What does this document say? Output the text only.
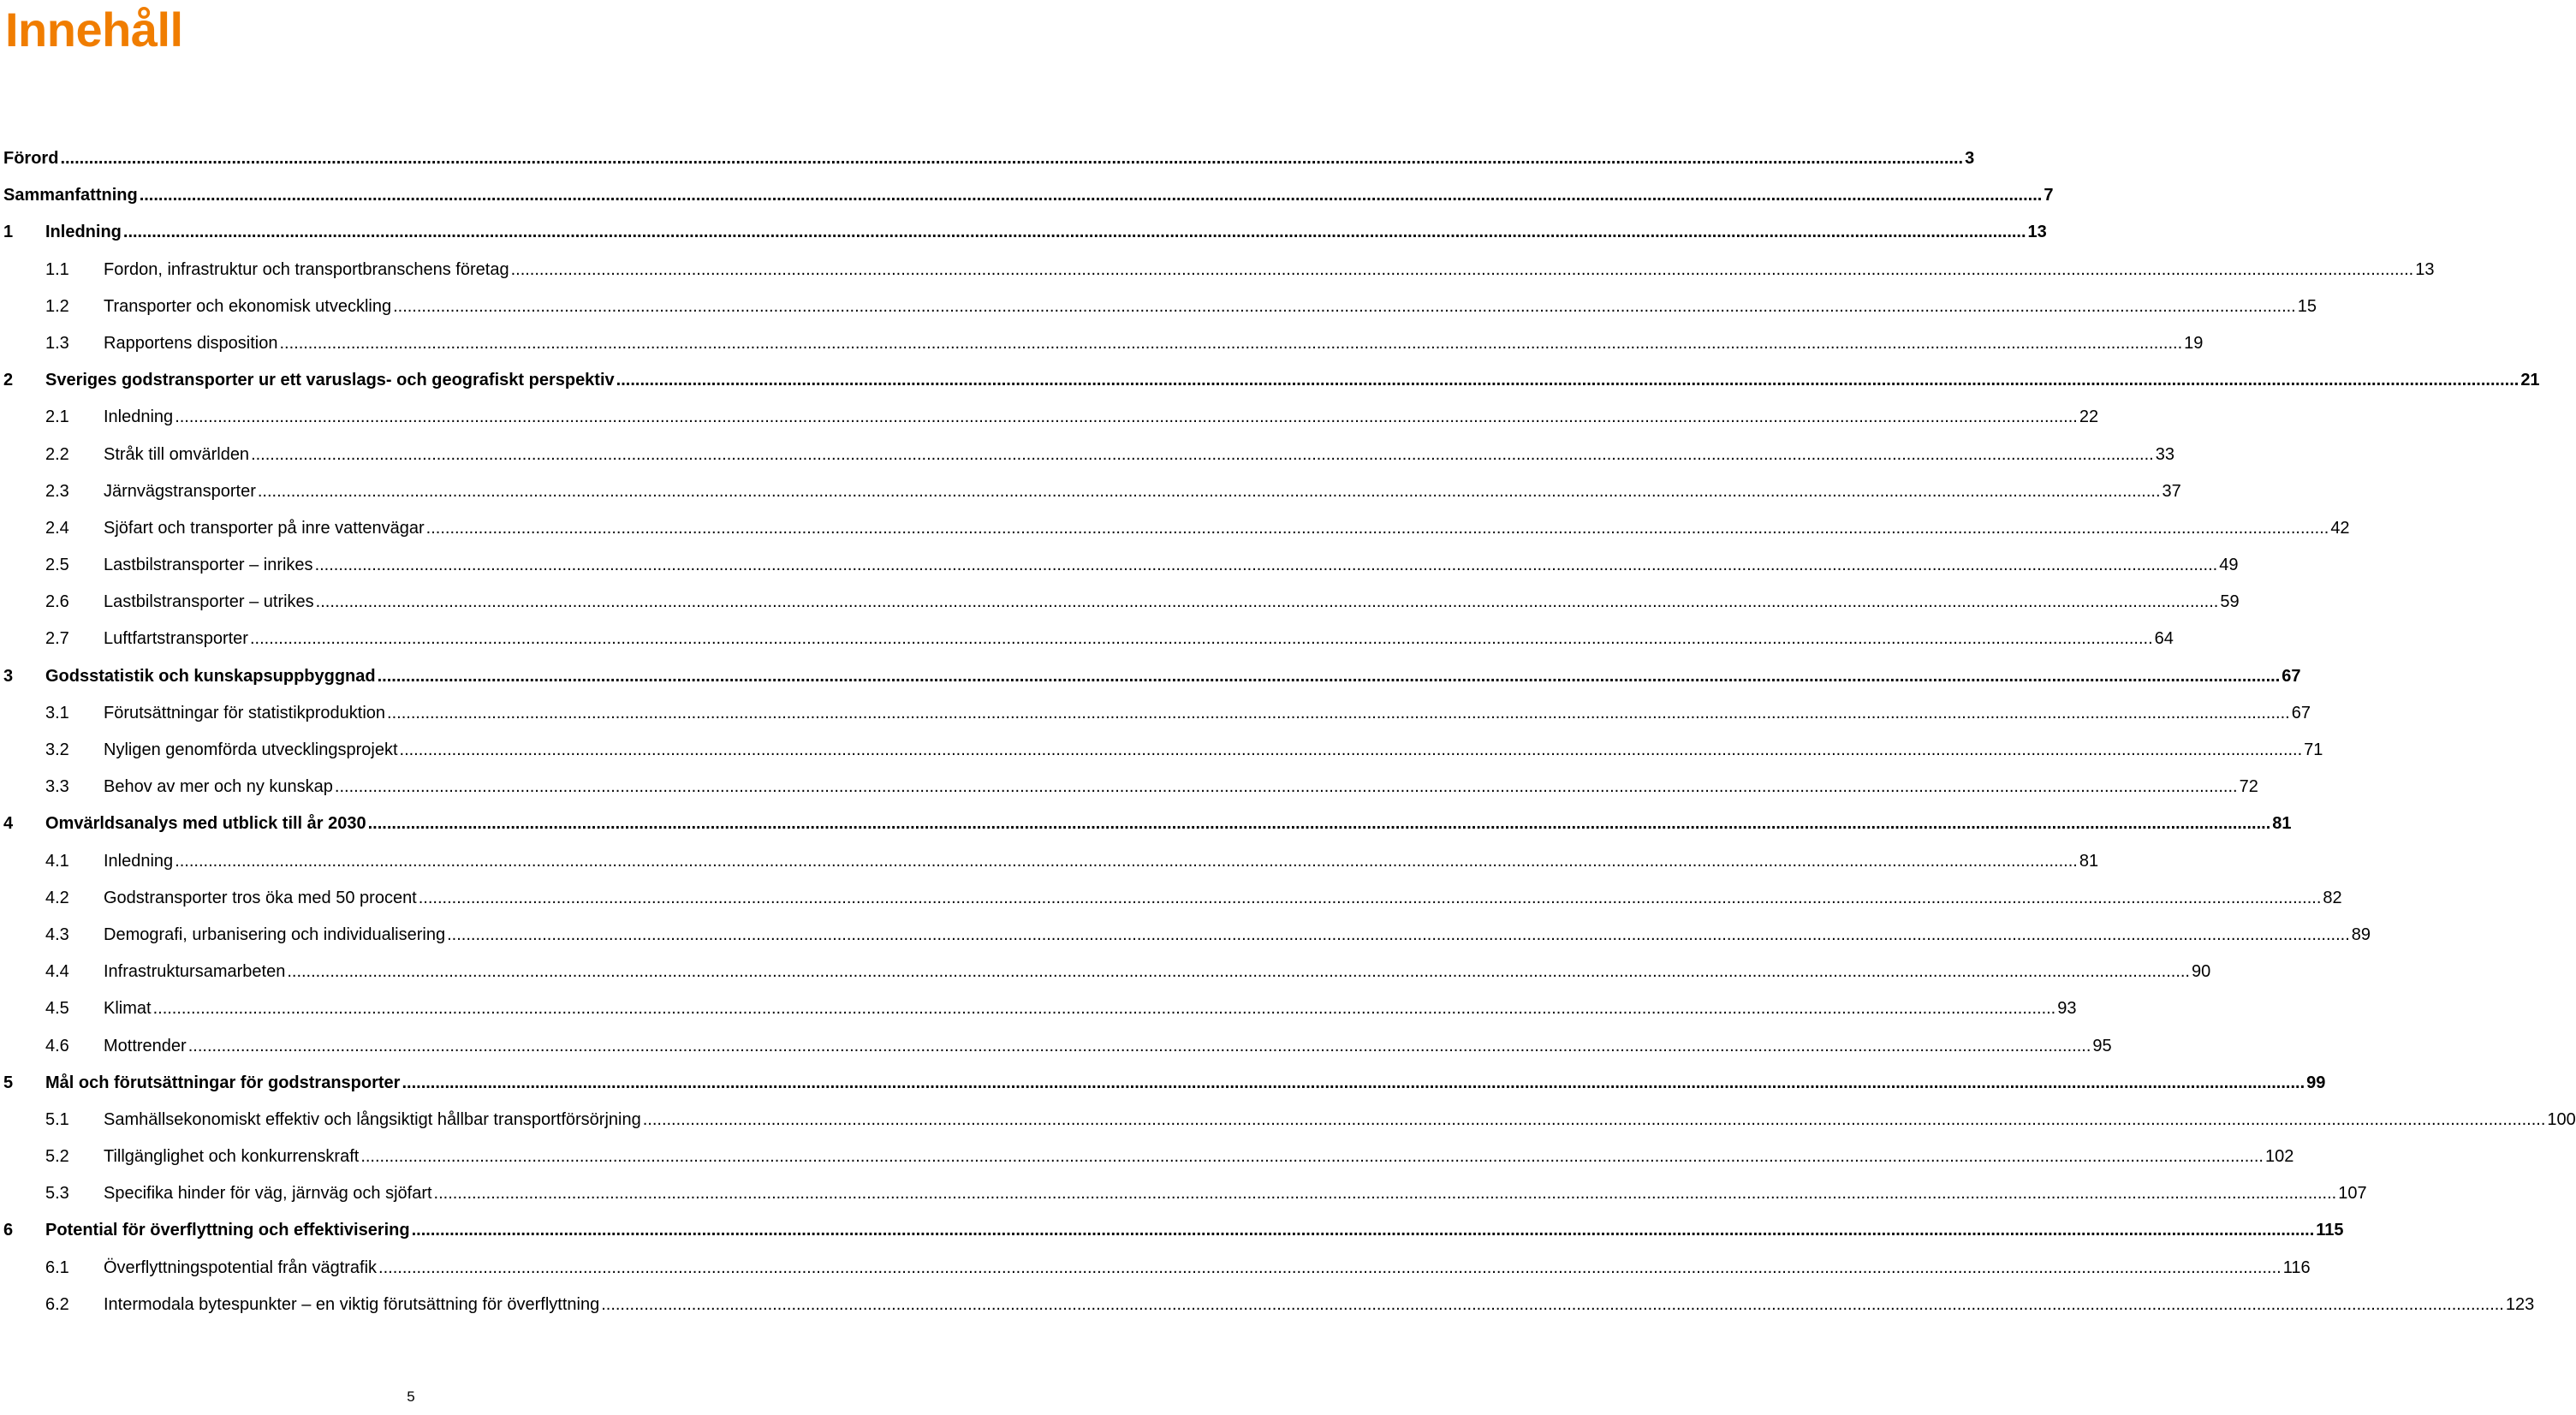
Innehåll
Förord ................................................................................................................................................................................................................................................................................................................................................................................................................ 3
Sammanfattning ................................................................................................................................................................................................................................................................................................................................................................................................................ 7
1 Inledning ................................................................................................................................................................................................................................................................................................................................................................................................................ 13
1.1 Fordon, infrastruktur och transportbranschens företag ................................................................................................................................................................................................................................................................................................................................................................................................................ 13
1.2 Transporter och ekonomisk utveckling ................................................................................................................................................................................................................................................................................................................................................................................................................ 15
1.3 Rapportens disposition ................................................................................................................................................................................................................................................................................................................................................................................................................ 19
2 Sveriges godstransporter ur ett varuslags- och geografiskt perspektiv ................................................................................................................................................................................................................................................................................................................................................................................................................ 21
2.1 Inledning ................................................................................................................................................................................................................................................................................................................................................................................................................ 22
2.2 Stråk till omvärlden ................................................................................................................................................................................................................................................................................................................................................................................................................ 33
2.3 Järnvägstransporter ................................................................................................................................................................................................................................................................................................................................................................................................................ 37
2.4 Sjöfart och transporter på inre vattenvägar ................................................................................................................................................................................................................................................................................................................................................................................................................ 42
2.5 Lastbilstransporter – inrikes ................................................................................................................................................................................................................................................................................................................................................................................................................ 49
2.6 Lastbilstransporter – utrikes ................................................................................................................................................................................................................................................................................................................................................................................................................ 59
2.7 Luftfartstransporter ................................................................................................................................................................................................................................................................................................................................................................................................................ 64
3 Godsstatistik och kunskapsuppbyggnad ................................................................................................................................................................................................................................................................................................................................................................................................................ 67
3.1 Förutsättningar för statistikproduktion ................................................................................................................................................................................................................................................................................................................................................................................................................ 67
3.2 Nyligen genomförda utvecklingsprojekt ................................................................................................................................................................................................................................................................................................................................................................................................................ 71
3.3 Behov av mer och ny kunskap ................................................................................................................................................................................................................................................................................................................................................................................................................ 72
4 Omvärldsanalys med utblick till år 2030 ................................................................................................................................................................................................................................................................................................................................................................................................................ 81
4.1 Inledning ................................................................................................................................................................................................................................................................................................................................................................................................................ 81
4.2 Godstransporter tros öka med 50 procent ................................................................................................................................................................................................................................................................................................................................................................................................................ 82
4.3 Demografi, urbanisering och individualisering ................................................................................................................................................................................................................................................................................................................................................................................................................ 89
4.4 Infrastruktursamarbeten ................................................................................................................................................................................................................................................................................................................................................................................................................ 90
4.5 Klimat ................................................................................................................................................................................................................................................................................................................................................................................................................ 93
4.6 Mottrender ................................................................................................................................................................................................................................................................................................................................................................................................................ 95
5 Mål och förutsättningar för godstransporter ................................................................................................................................................................................................................................................................................................................................................................................................................ 99
5.1 Samhällsekonomiskt effektiv och långsiktigt hållbar transportförsörjning ................................................................................................................................................................................................................................................................................................................................................................................................................ 100
5.2 Tillgänglighet och konkurrenskraft ................................................................................................................................................................................................................................................................................................................................................................................................................ 102
5.3 Specifika hinder för väg, järnväg och sjöfart ................................................................................................................................................................................................................................................................................................................................................................................................................ 107
6 Potential för överflyttning och effektivisering ................................................................................................................................................................................................................................................................................................................................................................................................................ 115
6.1 Överflyttningspotential från vägtrafik ................................................................................................................................................................................................................................................................................................................................................................................................................ 116
6.2 Intermodala bytespunkter – en viktig förutsättning för överflyttning ................................................................................................................................................................................................................................................................................................................................................................................................................ 123
5
